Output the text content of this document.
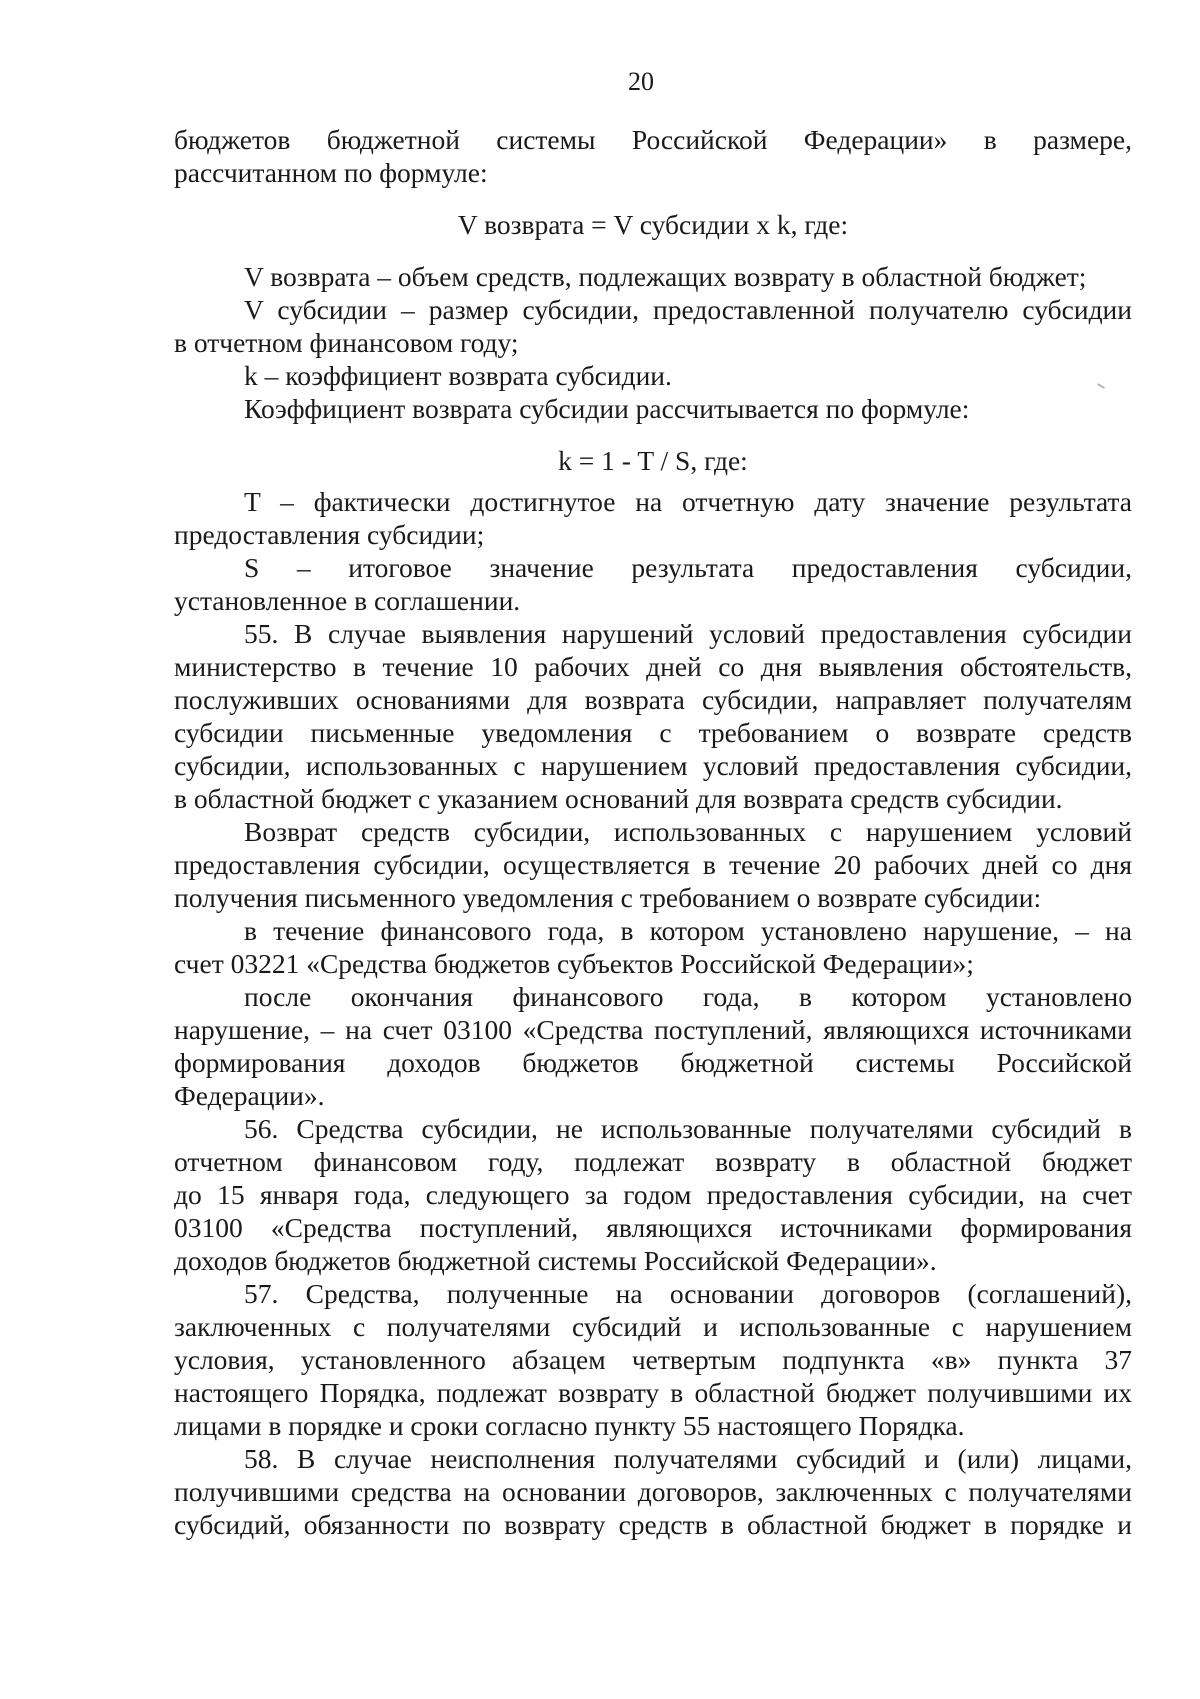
20
бюджетов бюджетной системы Российской Федерации» в размере,
рассчитанном по формуле:
V возврата = V субсидии x k, где:
V возврата – объем средств, подлежащих возврату в областной бюджет;
V субсидии – размер субсидии, предоставленной получателю субсидии
в отчетном финансовом году;
k – коэффициент возврата субсидии.
Коэффициент возврата субсидии рассчитывается по формуле:
k = 1 - T / S, где:
T – фактически достигнутое на отчетную дату значение результата
предоставления субсидии;
S – итоговое значение результата предоставления субсидии,
установленное в соглашении.
55. В случае выявления нарушений условий предоставления субсидии
министерство в течение 10 рабочих дней со дня выявления обстоятельств,
послуживших основаниями для возврата субсидии, направляет получателям
субсидии письменные уведомления с требованием о возврате средств
субсидии, использованных с нарушением условий предоставления субсидии,
в областной бюджет с указанием оснований для возврата средств субсидии.
Возврат средств субсидии, использованных с нарушением условий
предоставления субсидии, осуществляется в течение 20 рабочих дней со дня
получения письменного уведомления с требованием о возврате субсидии:
в течение финансового года, в котором установлено нарушение, – на
счет 03221 «Средства бюджетов субъектов Российской Федерации»;
после окончания финансового года, в котором установлено
нарушение, – на счет 03100 «Средства поступлений, являющихся источниками
формирования доходов бюджетов бюджетной системы Российской
Федерации».
56. Средства субсидии, не использованные получателями субсидий в
отчетном финансовом году, подлежат возврату в областной бюджет
до 15 января года, следующего за годом предоставления субсидии, на счет
03100 «Средства поступлений, являющихся источниками формирования
доходов бюджетов бюджетной системы Российской Федерации».
57. Средства, полученные на основании договоров (соглашений),
заключенных с получателями субсидий и использованные с нарушением
условия, установленного абзацем четвертым подпункта «в» пункта 37
настоящего Порядка, подлежат возврату в областной бюджет получившими их
лицами в порядке и сроки согласно пункту 55 настоящего Порядка.
58. В случае неисполнения получателями субсидий и (или) лицами,
получившими средства на основании договоров, заключенных с получателями
субсидий, обязанности по возврату средств в областной бюджет в порядке и
